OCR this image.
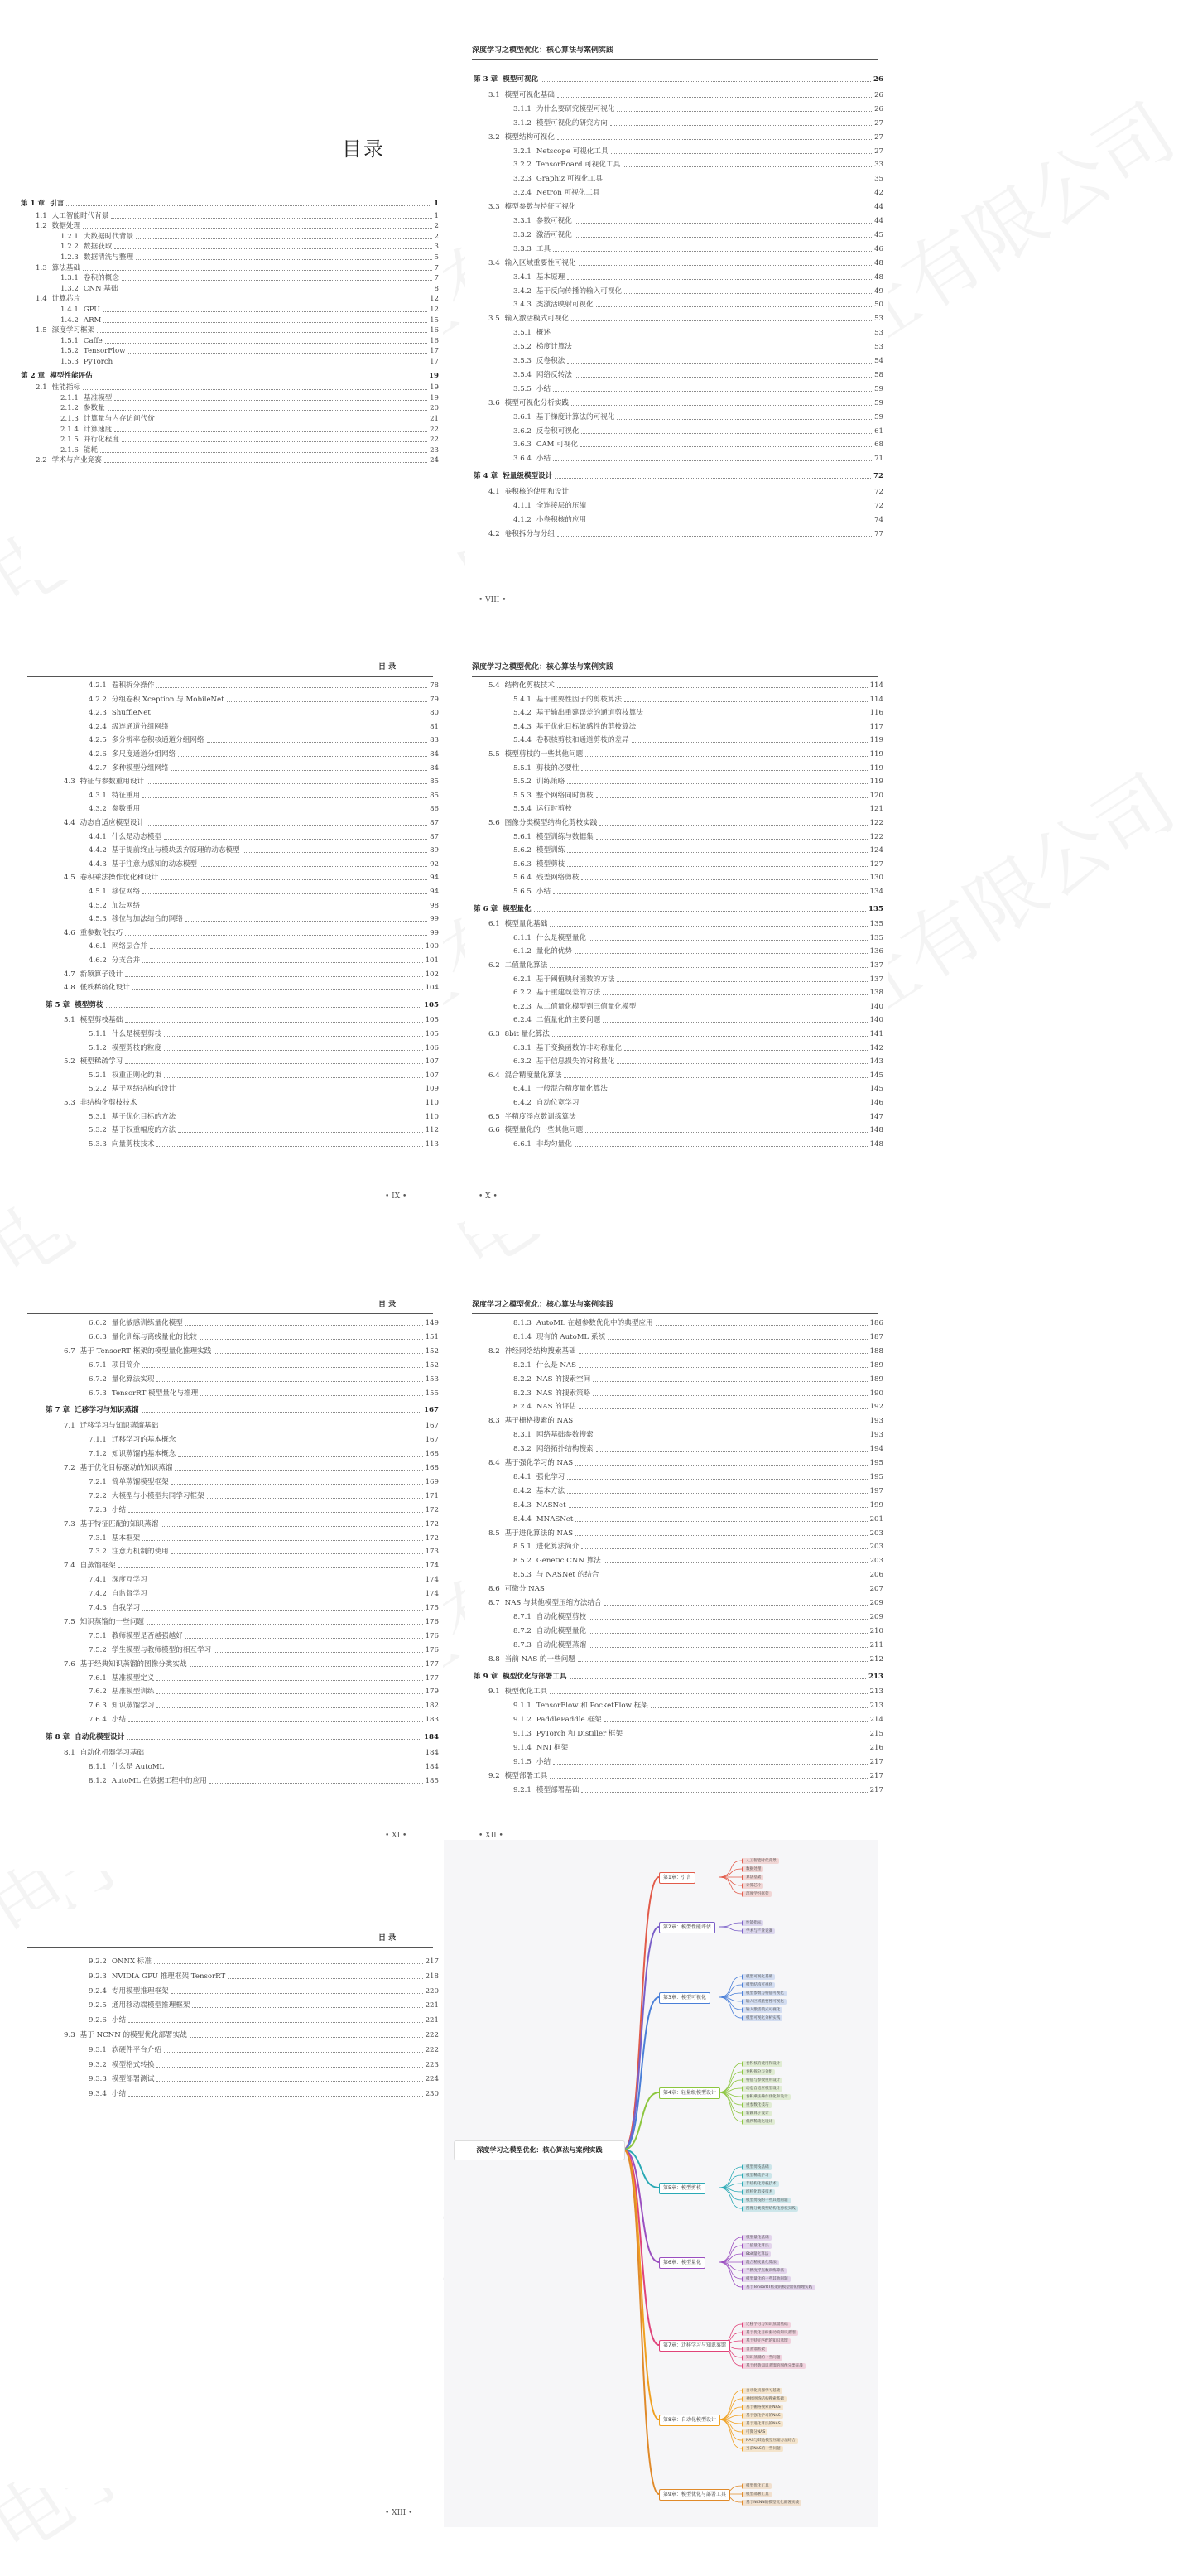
目录
第 1 章 引言	1
1.1 人工智能时代背景	1
1.2 数据处理	2
1.2.1 大数据时代背景	2
1.2.2 数据获取	3
1.2.3 数据清洗与整理	5
1.3 算法基础	7
1.3.1 卷积的概念	7
1.3.2 CNN 基础	8
1.4 计算芯片	12
1.4.1 GPU	12
1.4.2 ARM	15
1.5 深度学习框架	16
1.5.1 Caffe	16
1.5.2 TensorFlow	17
1.5.3 PyTorch	17
第 2 章 模型性能评估	19
2.1 性能指标	19
2.1.1 基准模型	19
2.1.2 参数量	20
2.1.3 计算量与内存访问代价	21
2.1.4 计算速度	22
2.1.5 并行化程度	22
2.1.6 能耗	23
2.2 学术与产业竞赛	24
深度学习之模型优化：核心算法与案例实践
第 3 章 模型可视化	26
3.1 模型可视化基础	26
3.1.1 为什么要研究模型可视化	26
3.1.2 模型可视化的研究方向	27
3.2 模型结构可视化	27
3.2.1 Netscope 可视化工具	27
3.2.2 TensorBoard 可视化工具	33
3.2.3 Graphiz 可视化工具	35
3.2.4 Netron 可视化工具	42
3.3 模型参数与特征可视化	44
3.3.1 参数可视化	44
3.3.2 激活可视化	45
3.3.3 工具	46
3.4 输入区域重要性可视化	48
3.4.1 基本原理	48
3.4.2 基于反向传播的输入可视化	49
3.4.3 类激活映射可视化	50
3.5 输入激活模式可视化	53
3.5.1 概述	53
3.5.2 梯度计算法	53
3.5.3 反卷积法	54
3.5.4 网络反转法	58
3.5.5 小结	59
3.6 模型可视化分析实践	59
3.6.1 基于梯度计算法的可视化	59
3.6.2 反卷积可视化	61
3.6.3 CAM 可视化	68
3.6.4 小结	71
第 4 章 轻量级模型设计	72
4.1 卷积核的使用和设计	72
4.1.1 全连接层的压缩	72
4.1.2 小卷积核的应用	74
4.2 卷积拆分与分组	77
• VIII •
目 录
4.2.1 卷积拆分操作	78
4.2.2 分组卷积 Xception 与 MobileNet	79
4.2.3 ShuffleNet	80
4.2.4 级连通道分组网络	81
4.2.5 多分辨率卷积核通道分组网络	83
4.2.6 多尺度通道分组网络	84
4.2.7 多种模型分组网络	84
4.3 特征与参数重用设计	85
4.3.1 特征重用	85
4.3.2 参数重用	86
4.4 动态自适应模型设计	87
4.4.1 什么是动态模型	87
4.4.2 基于提前终止与模块丢弃原理的动态模型	89
4.4.3 基于注意力感知的动态模型	92
4.5 卷积乘法操作优化和设计	94
4.5.1 移位网络	94
4.5.2 加法网络	98
4.5.3 移位与加法结合的网络	99
4.6 重参数化技巧	99
4.6.1 网络层合并	100
4.6.2 分支合并	101
4.7 新颖算子设计	102
4.8 低秩稀疏化设计	104
第 5 章 模型剪枝	105
5.1 模型剪枝基础	105
5.1.1 什么是模型剪枝	105
5.1.2 模型剪枝的粒度	106
5.2 模型稀疏学习	107
5.2.1 权重正则化约束	107
5.2.2 基于网络结构的设计	109
5.3 非结构化剪枝技术	110
5.3.1 基于优化目标的方法	110
5.3.2 基于权重幅度的方法	112
5.3.3 向量剪枝技术	113
• IX •
深度学习之模型优化：核心算法与案例实践
5.4 结构化剪枝技术	114
5.4.1 基于重要性因子的剪枝算法	114
5.4.2 基于输出重建误差的通道剪枝算法	116
5.4.3 基于优化目标敏感性的剪枝算法	117
5.4.4 卷积核剪枝和通道剪枝的差异	119
5.5 模型剪枝的一些其他问题	119
5.5.1 剪枝的必要性	119
5.5.2 训练策略	119
5.5.3 整个网络同时剪枝	120
5.5.4 运行时剪枝	121
5.6 图像分类模型结构化剪枝实践	122
5.6.1 模型训练与数据集	122
5.6.2 模型训练	124
5.6.3 模型剪枝	127
5.6.4 残差网络剪枝	130
5.6.5 小结	134
第 6 章 模型量化	135
6.1 模型量化基础	135
6.1.1 什么是模型量化	135
6.1.2 量化的优势	136
6.2 二值量化算法	137
6.2.1 基于阈值映射函数的方法	137
6.2.2 基于重建误差的方法	138
6.2.3 从二值量化模型到三值量化模型	140
6.2.4 二值量化的主要问题	140
6.3 8bit 量化算法	141
6.3.1 基于变换函数的非对称量化	142
6.3.2 基于信息损失的对称量化	143
6.4 混合精度量化算法	145
6.4.1 一般混合精度量化算法	145
6.4.2 自动位宽学习	146
6.5 半精度浮点数训练算法	147
6.6 模型量化的一些其他问题	148
6.6.1 非均匀量化	148
• X •
目 录
6.6.2 量化敏感训练量化模型	149
6.6.3 量化训练与离线量化的比较	151
6.7 基于 TensorRT 框架的模型量化推理实践	152
6.7.1 项目简介	152
6.7.2 量化算法实现	153
6.7.3 TensorRT 模型量化与推理	155
第 7 章 迁移学习与知识蒸馏	167
7.1 迁移学习与知识蒸馏基础	167
7.1.1 迁移学习的基本概念	167
7.1.2 知识蒸馏的基本概念	168
7.2 基于优化目标驱动的知识蒸馏	168
7.2.1 简单蒸馏模型框架	169
7.2.2 大模型与小模型共同学习框架	171
7.2.3 小结	172
7.3 基于特征匹配的知识蒸馏	172
7.3.1 基本框架	172
7.3.2 注意力机制的使用	173
7.4 自蒸馏框架	174
7.4.1 深度互学习	174
7.4.2 自监督学习	174
7.4.3 自我学习	175
7.5 知识蒸馏的一些问题	176
7.5.1 教师模型是否越强越好	176
7.5.2 学生模型与教师模型的相互学习	176
7.6 基于经典知识蒸馏的图像分类实战	177
7.6.1 基准模型定义	177
7.6.2 基准模型训练	179
7.6.3 知识蒸馏学习	182
7.6.4 小结	183
第 8 章 自动化模型设计	184
8.1 自动化机器学习基础	184
8.1.1 什么是 AutoML	184
8.1.2 AutoML 在数据工程中的应用	185
• XI •
深度学习之模型优化：核心算法与案例实践
8.1.3 AutoML 在超参数优化中的典型应用	186
8.1.4 现有的 AutoML 系统	187
8.2 神经网络结构搜索基础	188
8.2.1 什么是 NAS	189
8.2.2 NAS 的搜索空间	189
8.2.3 NAS 的搜索策略	190
8.2.4 NAS 的评估	192
8.3 基于栅格搜索的 NAS	193
8.3.1 网络基础参数搜索	193
8.3.2 网络拓扑结构搜索	194
8.4 基于强化学习的 NAS	195
8.4.1 强化学习	195
8.4.2 基本方法	197
8.4.3 NASNet	199
8.4.4 MNASNet	201
8.5 基于进化算法的 NAS	203
8.5.1 进化算法简介	203
8.5.2 Genetic CNN 算法	203
8.5.3 与 NASNet 的结合	206
8.6 可微分 NAS	207
8.7 NAS 与其他模型压缩方法结合	209
8.7.1 自动化模型剪枝	209
8.7.2 自动化模型量化	210
8.7.3 自动化模型蒸馏	211
8.8 当前 NAS 的一些问题	212
第 9 章 模型优化与部署工具	213
9.1 模型优化工具	213
9.1.1 TensorFlow 和 PocketFlow 框架	213
9.1.2 PaddlePaddle 框架	214
9.1.3 PyTorch 和 Distiller 框架	215
9.1.4 NNI 框架	216
9.1.5 小结	217
9.2 模型部署工具	217
9.2.1 模型部署基础	217
• XII •
目 录
9.2.2 ONNX 标准	217
9.2.3 NVIDIA GPU 推理框架 TensorRT	218
9.2.4 专用模型推理框架	220
9.2.5 通用移动端模型推理框架	221
9.2.6 小结	221
9.3 基于 NCNN 的模型优化部署实战	222
9.3.1 软硬件平台介绍	222
9.3.2 模型格式转换	223
9.3.3 模型部署测试	224
9.3.4 小结	230
• XIII •
深度学习之模型优化：核心算法与案例实践
第1章：引言
人工智能时代背景
数据处理
算法基础
计算芯片
深度学习框架
第2章：模型性能评估
性能指标
学术与产业竞赛
第3章：模型可视化
模型可视化基础
模型结构可视化
模型参数与特征可视化
输入区域重要性可视化
输入激活模式可视化
模型可视化分析实践
第4章：轻量级模型设计
卷积核的使用和设计
卷积拆分与分组
特征与参数重用设计
动态自适应模型设计
卷积乘法操作优化和设计
重参数化技巧
新颖算子设计
低秩稀疏化设计
第5章：模型剪枝
模型剪枝基础
模型稀疏学习
非结构化剪枝技术
结构化剪枝技术
模型剪枝的一些其他问题
图像分类模型结构化剪枝实践
第6章：模型量化
模型量化基础
二值量化算法
8bit量化算法
混合精度量化算法
半精度浮点数训练算法
模型量化的一些其他问题
基于TensorRT框架的模型量化推理实践
第7章：迁移学习与知识蒸馏
迁移学习与知识蒸馏基础
基于优化目标驱动的知识蒸馏
基于特征匹配的知识蒸馏
自蒸馏框架
知识蒸馏的一些问题
基于经典知识蒸馏的图像分类实战
第8章：自动化模型设计
自动化机器学习基础
神经网络结构搜索基础
基于栅格搜索的NAS
基于强化学习的NAS
基于进化算法的NAS
可微分NAS
NAS与其他模型压缩方法结合
当前NAS的一些问题
第9章：模型优化与部署工具
模型优化工具
模型部署工具
基于NCNN的模型优化部署实战
